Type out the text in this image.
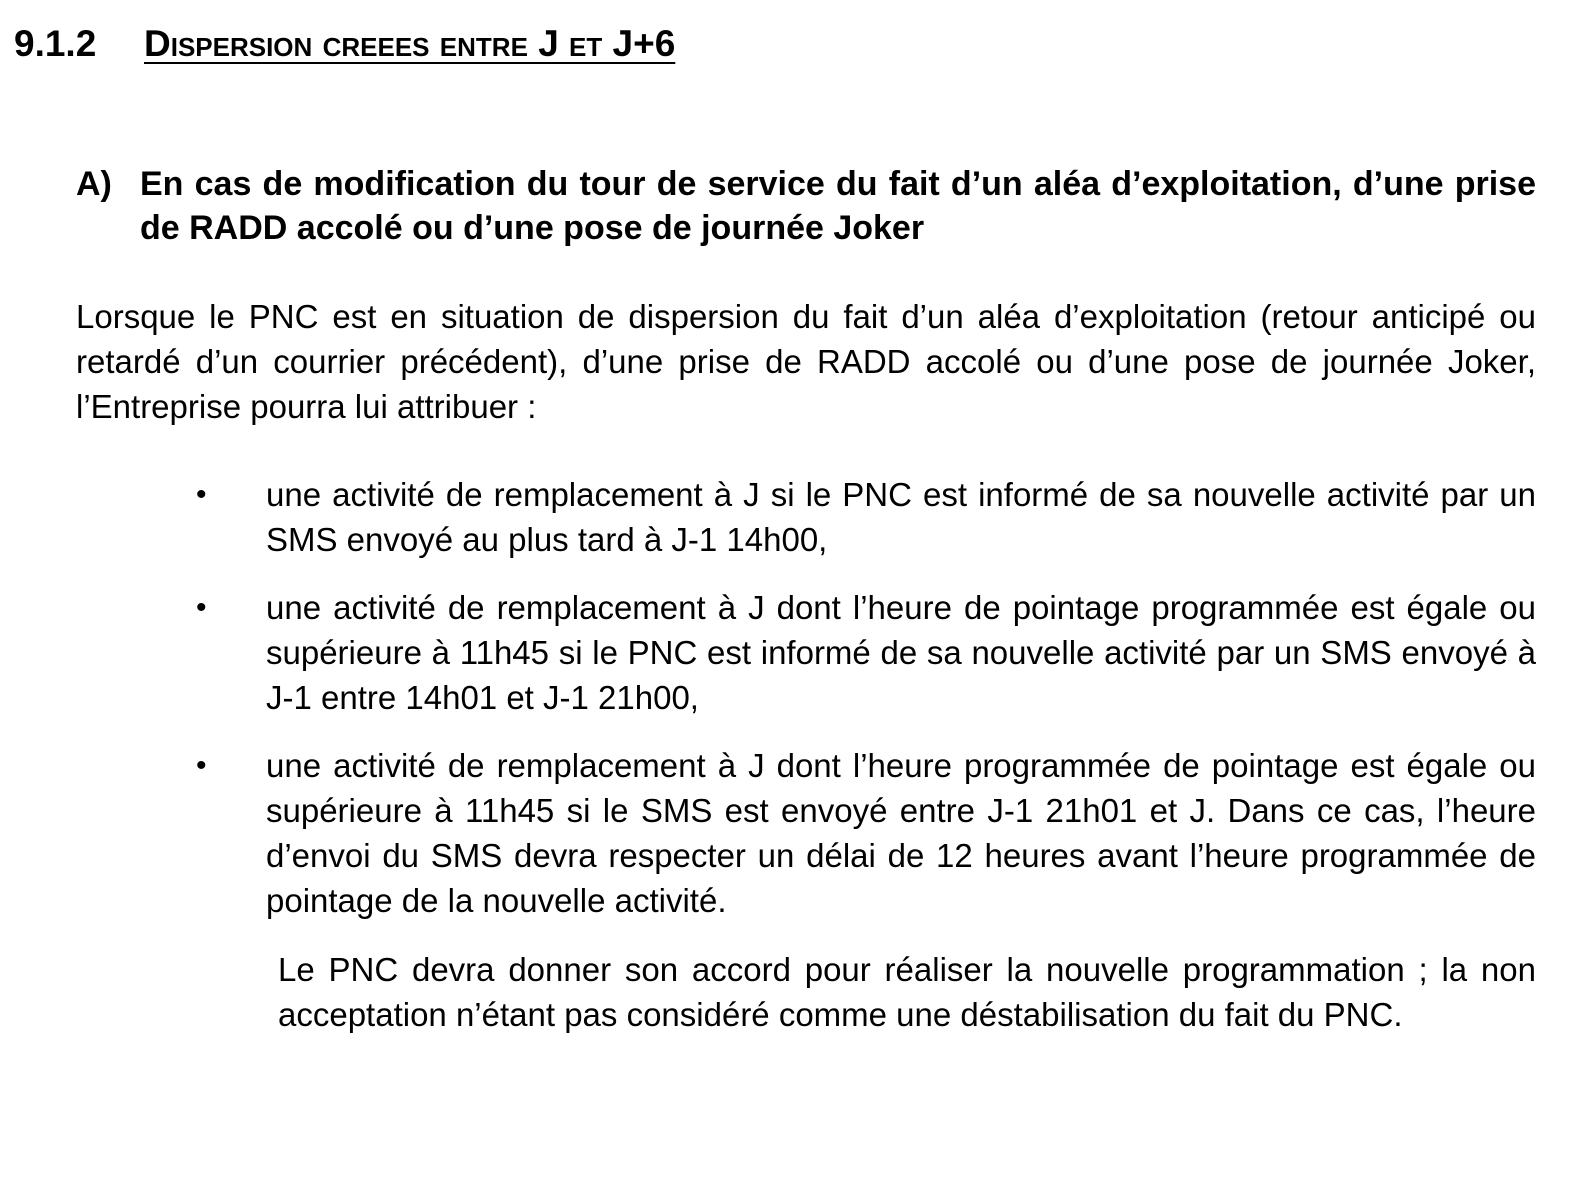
9.1.2 Dispersion creees entre J et J+6
A) En cas de modification du tour de service du fait d’un aléa d’exploitation, d’une prise de RADD accolé ou d’une pose de journée Joker

Lorsque le PNC est en situation de dispersion du fait d’un aléa d’exploitation (retour anticipé ou retardé d’un courrier précédent), d’une prise de RADD accolé ou d’une pose de journée Joker, l’Entreprise pourra lui attribuer :

•	une activité de remplacement à J si le PNC est informé de sa nouvelle activité par un SMS envoyé au plus tard à J-1 14h00,
•	une activité de remplacement à J dont l’heure de pointage programmée est égale ou supérieure à 11h45 si le PNC est informé de sa nouvelle activité par un SMS envoyé à J-1 entre 14h01 et J-1 21h00,
•	une activité de remplacement à J dont l’heure programmée de pointage est égale ou supérieure à 11h45 si le SMS est envoyé entre J-1 21h01 et J. Dans ce cas, l’heure d’envoi du SMS devra respecter un délai de 12 heures avant l’heure programmée de pointage de la nouvelle activité.

Le PNC devra donner son accord pour réaliser la nouvelle programmation ; la non acceptation n’étant pas considéré comme une déstabilisation du fait du PNC.
